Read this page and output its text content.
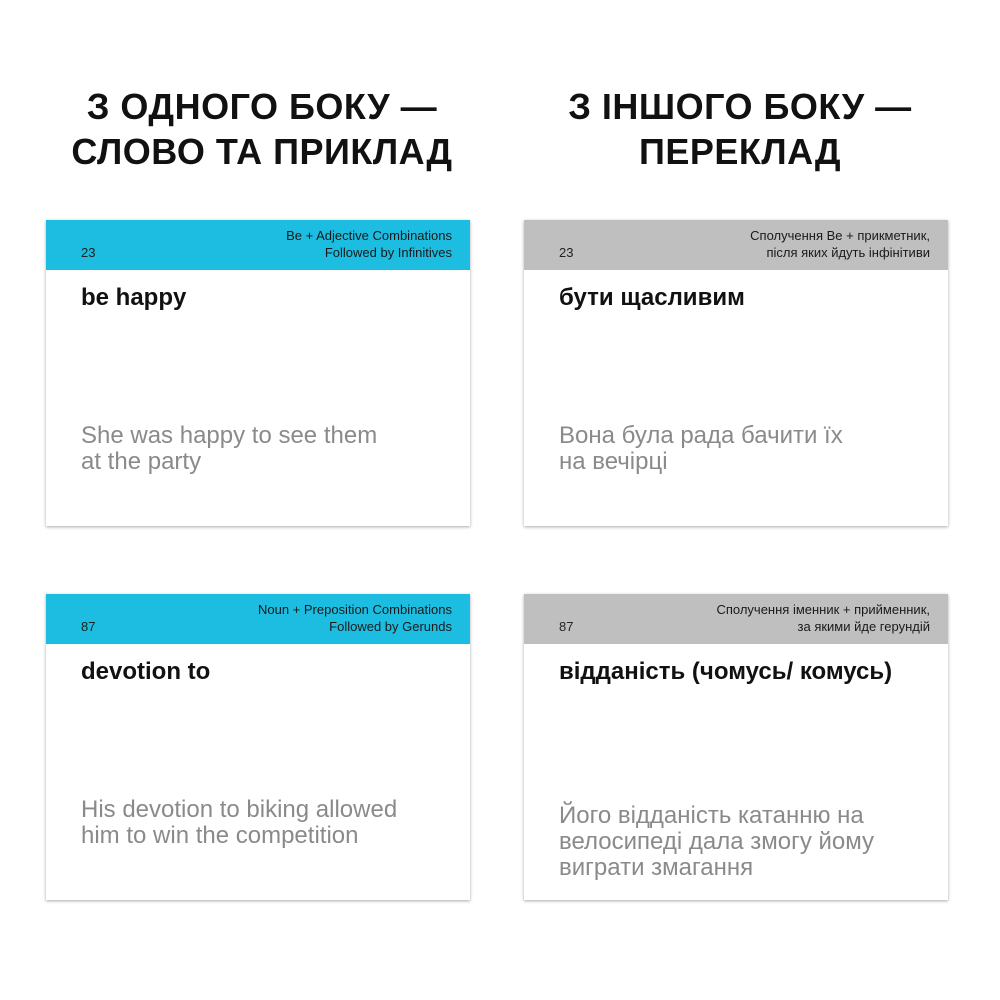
З ОДНОГО БОКУ —
СЛОВО ТА ПРИКЛАД
З ІНШОГО БОКУ —
ПЕРЕКЛАД
23
Be + Adjective Combinations
Followed by Infinitives
be happy
She was happy to see them
at the party
23
Сполучення Be + прикметник,
після яких йдуть інфінітиви
бути щасливим
Вона була рада бачити їх
на вечірці
87
Noun + Preposition Combinations
Followed by Gerunds
devotion to
His devotion to biking allowed
him to win the competition
87
Сполучення іменник + прийменник,
за якими йде герундій
відданість (чомусь/ комусь)
Його відданість катанню на
велосипеді дала змогу йому
виграти змагання
